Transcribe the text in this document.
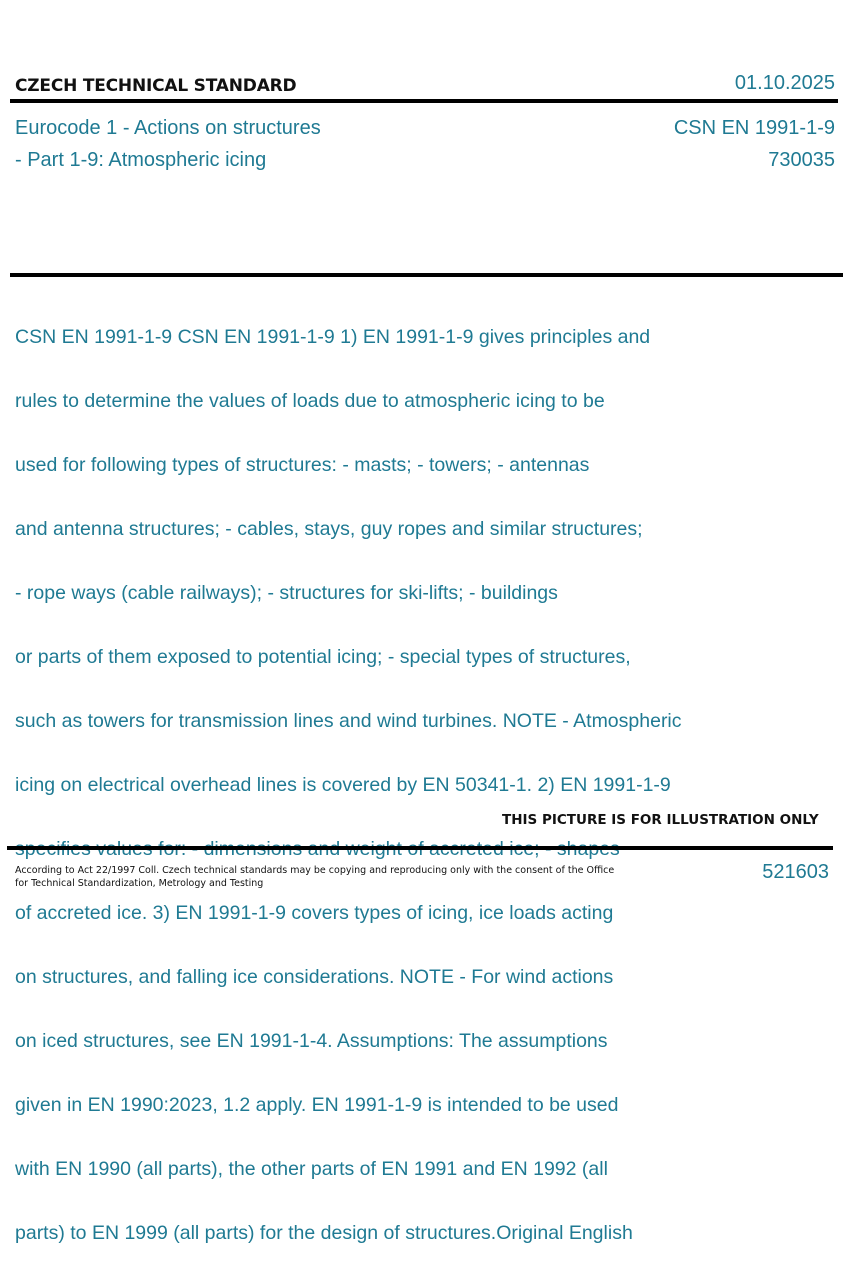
CZECH TECHNICAL STANDARD	01.10.2025
Eurocode 1 - Actions on structures
- Part 1-9: Atmospheric icing
CSN EN 1991-1-9
730035

CSN EN 1991-1-9 CSN EN 1991-1-9 1) EN 1991-1-9 gives principles and

rules to determine the values of loads due to atmospheric icing to be

used for following types of structures: - masts; - towers; - antennas

and antenna structures; - cables, stays, guy ropes and similar structures;

- rope ways (cable railways); - structures for ski-lifts; - buildings

or parts of them exposed to potential icing; - special types of structures,

such as towers for transmission lines and wind turbines. NOTE - Atmospheric

icing on electrical overhead lines is covered by EN 50341-1. 2) EN 1991-1-9

of accreted ice. 3) EN 1991-1-9 covers types of icing, ice loads acting

on structures, and falling ice considerations. NOTE - For wind actions

on iced structures, see EN 1991-1-4. Assumptions: The assumptions

given in EN 1990:2023, 1.2 apply. EN 1991-1-9 is intended to be used

with EN 1990 (all parts), the other parts of EN 1991 and EN 1992 (all

parts) to EN 1999 (all parts) for the design of structures.Original English

THIS PICTURE IS FOR ILLUSTRATION ONLY
According to Act 22/1997 Coll. Czech technical standards may be copying and reproducing only with the consent of the Office
for Technical Standardization, Metrology and Testing
521603
